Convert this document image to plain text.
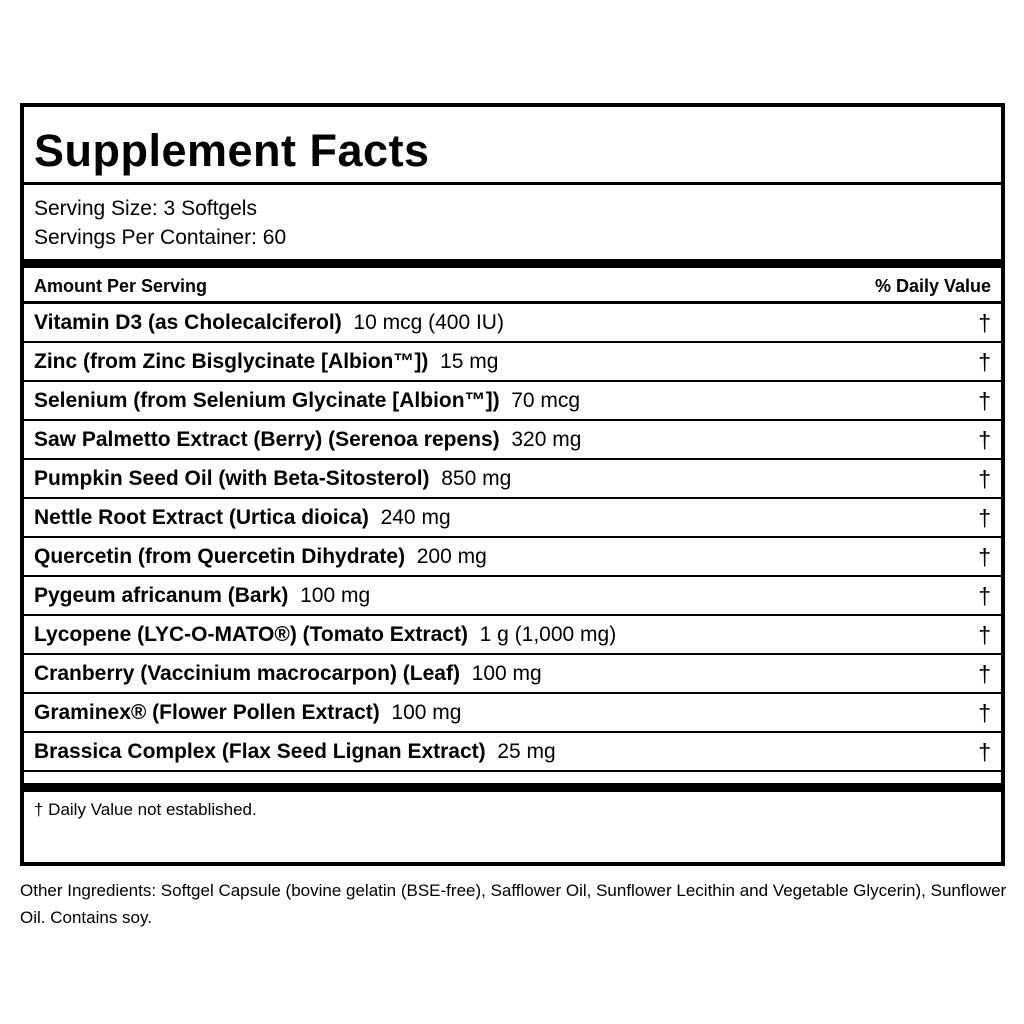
Supplement Facts
Serving Size: 3 Softgels
Servings Per Container: 60
Amount Per Serving	% Daily Value
Vitamin D3 (as Cholecalciferol) 10 mcg (400 IU)	†
Zinc (from Zinc Bisglycinate [Albion™]) 15 mg	†
Selenium (from Selenium Glycinate [Albion™]) 70 mcg	†
Saw Palmetto Extract (Berry) (Serenoa repens) 320 mg	†
Pumpkin Seed Oil (with Beta-Sitosterol) 850 mg	†
Nettle Root Extract (Urtica dioica) 240 mg	†
Quercetin (from Quercetin Dihydrate) 200 mg	†
Pygeum africanum (Bark) 100 mg	†
Lycopene (LYC-O-MATO®) (Tomato Extract) 1 g (1,000 mg)	†
Cranberry (Vaccinium macrocarpon) (Leaf) 100 mg	†
Graminex® (Flower Pollen Extract) 100 mg	†
Brassica Complex (Flax Seed Lignan Extract) 25 mg	†
† Daily Value not established.
Other Ingredients: Softgel Capsule (bovine gelatin (BSE-free), Safflower Oil, Sunflower Lecithin and Vegetable Glycerin), Sunflower Oil. Contains soy.
